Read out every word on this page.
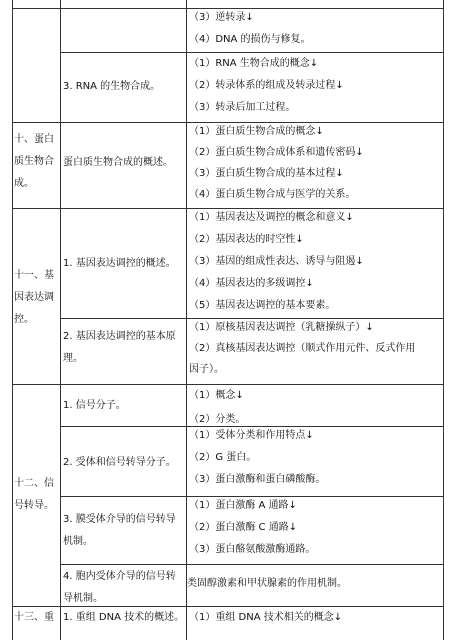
（3）逆转录↓
（4）DNA 的损伤与修复。
3. RNA 的生物合成。
（1）RNA 生物合成的概念↓
（2）转录体系的组成及转录过程↓
（3）转录后加工过程。
十、蛋白
质生物合
成。
蛋白质生物合成的概述。
（1）蛋白质生物合成的概念↓
（2）蛋白质生物合成体系和遗传密码↓
（3）蛋白质生物合成的基本过程↓
（4）蛋白质生物合成与医学的关系。
十一、基
因表达调
控。
1. 基因表达调控的概述。
（1）基因表达及调控的概念和意义↓
（2）基因表达的时空性↓
（3）基因的组成性表达、诱导与阻遏↓
（4）基因表达的多级调控↓
（5）基因表达调控的基本要素。
2. 基因表达调控的基本原
理。
（1）原核基因表达调控（乳糖操纵子）↓
（2）真核基因表达调控（顺式作用元件、反式作用
因子）。
1. 信号分子。
（1）概念↓
（2）分类。
十二、信
号转导。
2. 受体和信号转导分子。
（1）受体分类和作用特点↓
（2）G 蛋白。
（3）蛋白激酶和蛋白磷酸酶。
3. 膜受体介导的信号转导
机制。
（1）蛋白激酶 A 通路↓
（2）蛋白激酶 C 通路↓
（3）蛋白酪氨酸激酶通路。
4. 胞内受体介导的信号转
导机制。
类固醇激素和甲状腺素的作用机制。
十三、重 1. 重组 DNA 技术的概述。 （1）重组 DNA 技术相关的概念↓
